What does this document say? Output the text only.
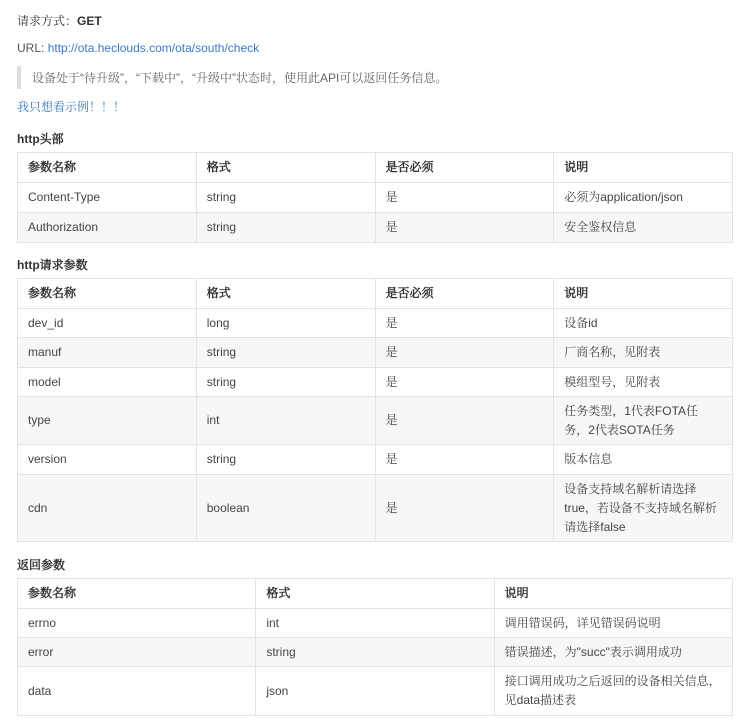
请求方式：GET

URL: http://ota.heclouds.com/ota/south/check

设备处于“待升级”，“下载中”，“升级中”状态时，使用此API可以返回任务信息。

我只想看示例！！！
http头部
参数名称	格式	是否必须	说明
Content-Type	string	是	必须为application/json
Authorization	string	是	安全鉴权信息
http请求参数
参数名称	格式	是否必须	说明
dev_id	long	是	设备id
manuf	string	是	厂商名称，见附表
model	string	是	模组型号，见附表
type	int	是	任务类型，1代表FOTA任务，2代表SOTA任务
version	string	是	版本信息
cdn	boolean	是	设备支持域名解析请选择true，若设备不支持域名解析请选择false
返回参数
参数名称	格式	说明
errno	int	调用错误码，详见错误码说明
error	string	错误描述，为"succ"表示调用成功
data	json	接口调用成功之后返回的设备相关信息，见data描述表
